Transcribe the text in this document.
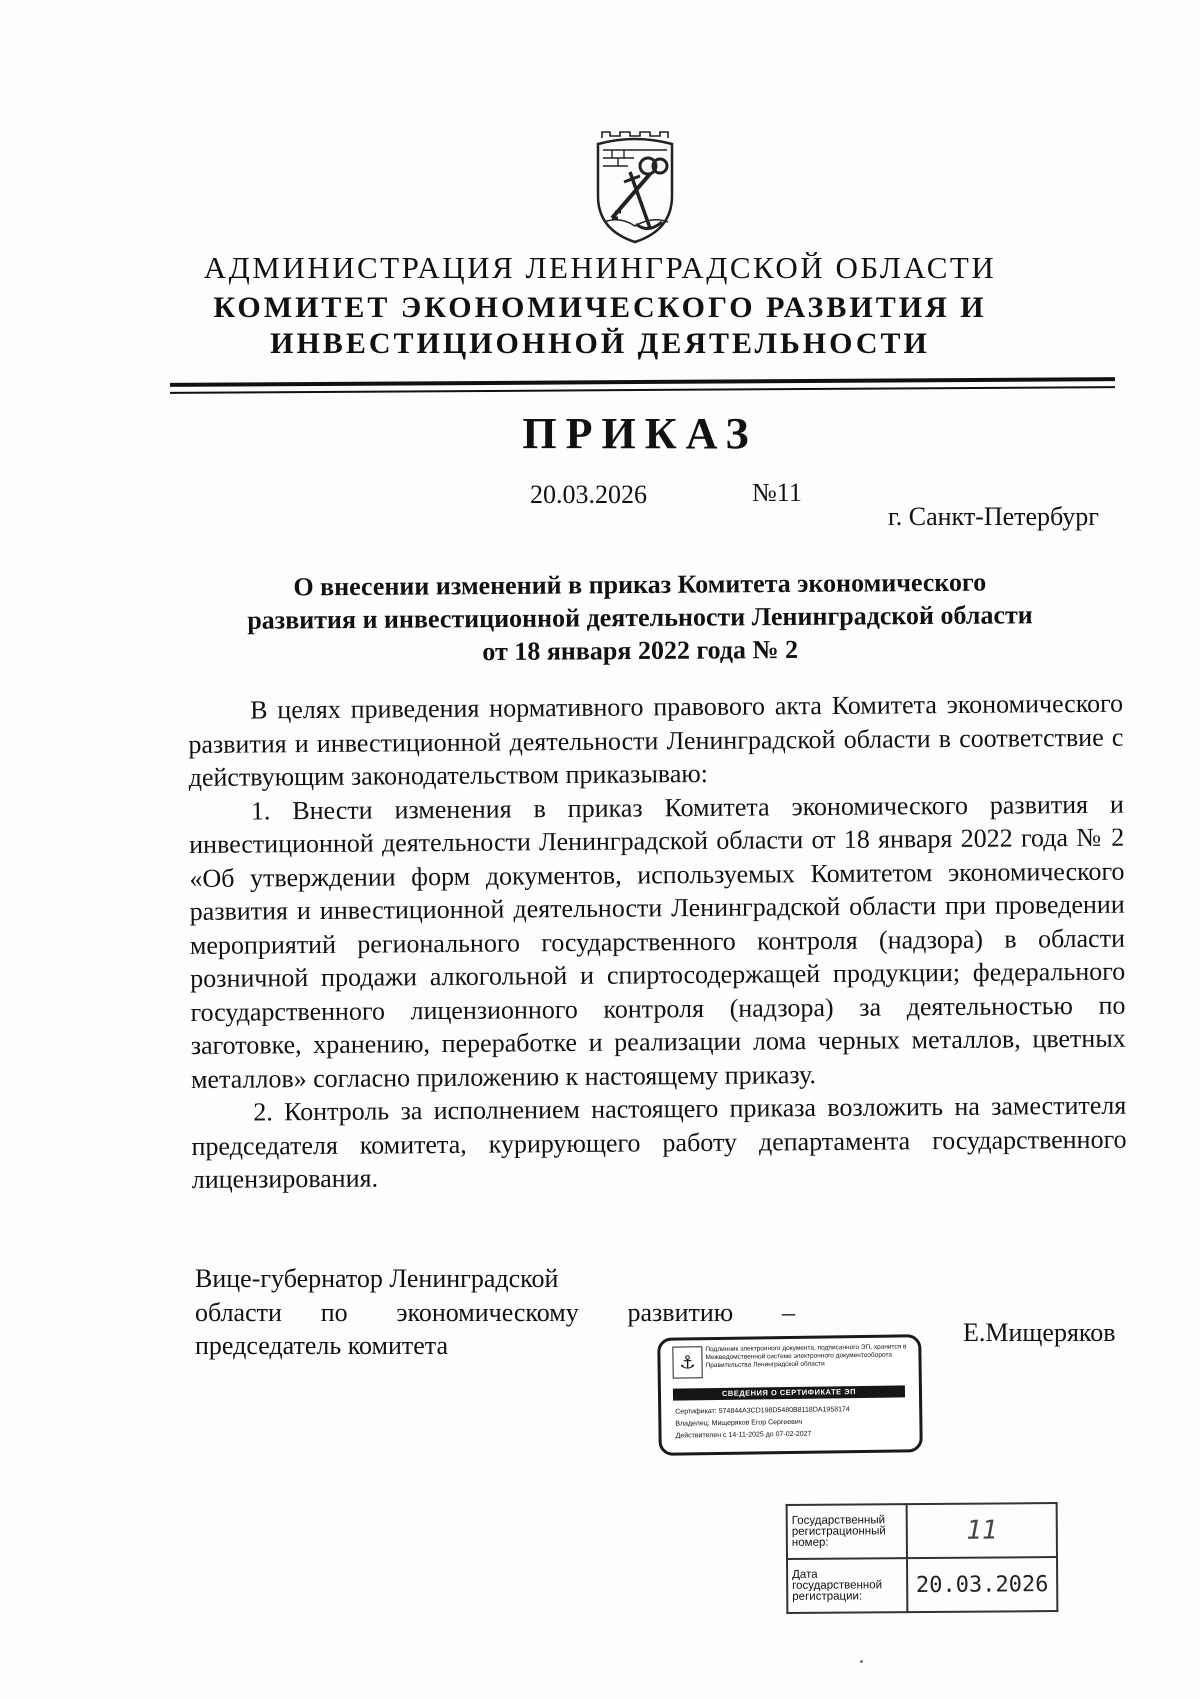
АДМИНИСТРАЦИЯ ЛЕНИНГРАДСКОЙ ОБЛАСТИ
КОМИТЕТ ЭКОНОМИЧЕСКОГО РАЗВИТИЯ И
ИНВЕСТИЦИОННОЙ ДЕЯТЕЛЬНОСТИ
ПРИКАЗ
20.03.2026	№11
г. Санкт-Петербург
О внесении изменений в приказ Комитета экономического
развития и инвестиционной деятельности Ленинградской области
от 18 января 2022 года № 2

В целях приведения нормативного правового акта Комитета экономического развития и инвестиционной деятельности Ленинградской области в соответствие с действующим законодательством приказываю:

1. Внести изменения в приказ Комитета экономического развития и инвестиционной деятельности Ленинградской области от 18 января 2022 года № 2 «Об утверждении форм документов, используемых Комитетом экономического развития и инвестиционной деятельности Ленинградской области при проведении мероприятий регионального государственного контроля (надзора) в области розничной продажи алкогольной и спиртосодержащей продукции; федерального государственного лицензионного контроля (надзора) за деятельностью по заготовке, хранению, переработке и реализации лома черных металлов, цветных металлов» согласно приложению к настоящему приказу.

2. Контроль за исполнением настоящего приказа возложить на заместителя председателя комитета, курирующего работу департамента государственного лицензирования.

Вице-губернатор Ленинградской
области по экономическому развитию –
председатель комитета	Е.Мищеряков
⚓
Подлинник электронного документа, подписанного ЭП, хранится в Межведомственной системе электронного документооборота Правительства Ленинградской области
СВЕДЕНИЯ О СЕРТИФИКАТЕ ЭП
Сертификат: 574844A3CD198D5480B8118DA1958174
Владелец: Мищеряков Егор Сергеевич
Действителен с 14-11-2025 до 07-02-2027
Государственный регистрационный номер:	11
Дата государственной регистрации:	20.03.2026
